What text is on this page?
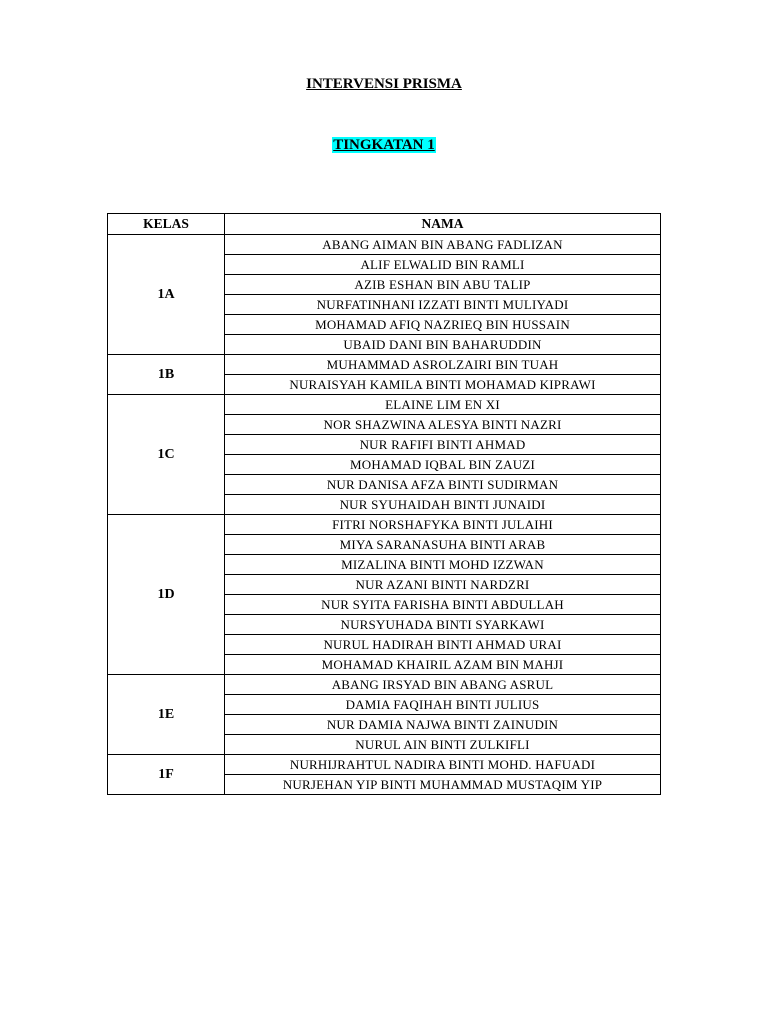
INTERVENSI PRISMA
TINGKATAN 1
KELAS	NAMA
1A	ABANG AIMAN BIN ABANG FADLIZAN
	ALIF ELWALID BIN RAMLI
	AZIB ESHAN BIN ABU TALIP
	NURFATINHANI IZZATI BINTI MULIYADI
	MOHAMAD AFIQ NAZRIEQ BIN HUSSAIN
	UBAID DANI BIN BAHARUDDIN
1B	MUHAMMAD ASROLZAIRI BIN TUAH
	NURAISYAH KAMILA BINTI MOHAMAD KIPRAWI
1C	ELAINE LIM EN XI
	NOR SHAZWINA ALESYA BINTI NAZRI
	NUR RAFIFI BINTI AHMAD
	MOHAMAD IQBAL BIN ZAUZI
	NUR DANISA AFZA BINTI SUDIRMAN
	NUR SYUHAIDAH BINTI JUNAIDI
1D	FITRI NORSHAFYKA BINTI JULAIHI
	MIYA SARANASUHA BINTI ARAB
	MIZALINA BINTI MOHD IZZWAN
	NUR AZANI BINTI NARDZRI
	NUR SYITA FARISHA BINTI ABDULLAH
	NURSYUHADA BINTI SYARKAWI
	NURUL HADIRAH BINTI AHMAD URAI
	MOHAMAD KHAIRIL AZAM BIN MAHJI
1E	ABANG IRSYAD BIN ABANG ASRUL
	DAMIA FAQIHAH BINTI JULIUS
	NUR DAMIA NAJWA BINTI ZAINUDIN
	NURUL AIN BINTI ZULKIFLI
1F	NURHIJRAHTUL NADIRA BINTI MOHD. HAFUADI
	NURJEHAN YIP BINTI MUHAMMAD MUSTAQIM YIP
